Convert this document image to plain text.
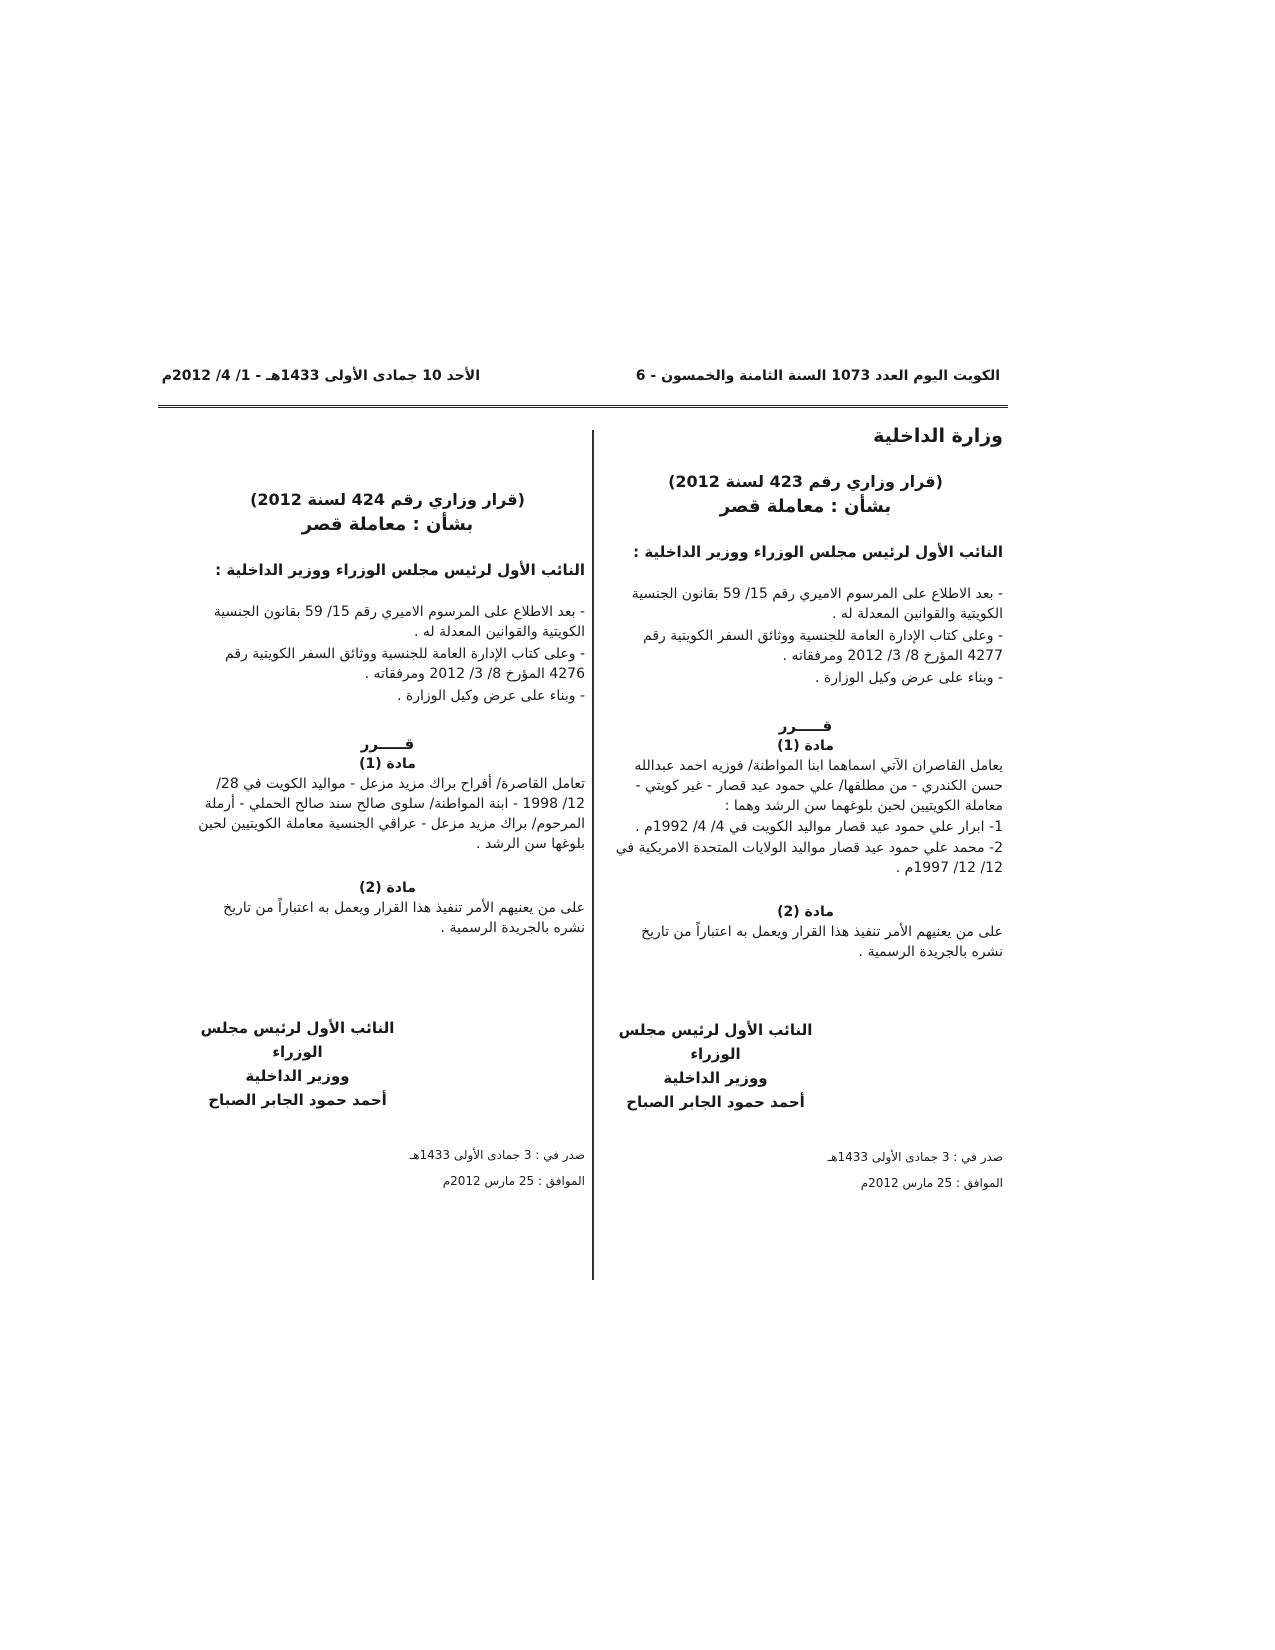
الكويت اليوم العدد 1073 السنة الثامنة والخمسون - 6
الأحد 10 جمادى الأولى 1433هـ - 1/ 4/ 2012م
وزارة الداخلية
(قرار وزاري رقم 423 لسنة 2012)
بشأن : معاملة قصر
النائب الأول لرئيس مجلس الوزراء ووزير الداخلية :
- بعد الاطلاع على المرسوم الاميري رقم 15/ 59 بقانون الجنسية الكويتية والقوانين المعدلة له .
- وعلى كتاب الإدارة العامة للجنسية ووثائق السفر الكويتية رقم 4277 المؤرخ 8/ 3/ 2012 ومرفقاته .
- وبناء على عرض وكيل الوزارة .
قـــــرر
مادة (1)
يعامل القاصران الآتي اسماهما ابنا المواطنة/ فوزيه احمد عبدالله حسن الكندري - من مطلقها/ علي حمود عيد قصار - غير كويتي - معاملة الكويتيين لحين بلوغهما سن الرشد وهما :
1- ابرار علي حمود عيد قصار مواليد الكويت في 4/ 4/ 1992م .
2- محمد علي حمود عيد قصار مواليد الولايات المتحدة الامريكية في 12/ 12/ 1997م .
مادة (2)
على من يعنيهم الأمر تنفيذ هذا القرار ويعمل به اعتباراً من تاريخ نشره بالجريدة الرسمية .
النائب الأول لرئيس مجلس الوزراء
ووزير الداخلية
أحمد حمود الجابر الصباح
صدر في : 3 جمادى الأولى 1433هـ
الموافق : 25 مارس 2012م
(قرار وزاري رقم 424 لسنة 2012)
بشأن : معاملة قصر
النائب الأول لرئيس مجلس الوزراء ووزير الداخلية :
- بعد الاطلاع على المرسوم الاميري رقم 15/ 59 بقانون الجنسية الكويتية والقوانين المعدلة له .
- وعلى كتاب الإدارة العامة للجنسية ووثائق السفر الكويتية رقم 4276 المؤرخ 8/ 3/ 2012 ومرفقاته .
- وبناء على عرض وكيل الوزارة .
قـــــرر
مادة (1)
تعامل القاصرة/ أفراح براك مزيد مزعل - مواليد الكويت في 28/ 12/ 1998 - ابنة المواطنة/ سلوى صالح سند صالح الحملي - أرملة المرحوم/ براك مزيد مزعل - عراقي الجنسية معاملة الكويتيين لحين بلوغها سن الرشد .
مادة (2)
على من يعنيهم الأمر تنفيذ هذا القرار ويعمل به اعتباراً من تاريخ نشره بالجريدة الرسمية .
النائب الأول لرئيس مجلس الوزراء
ووزير الداخلية
أحمد حمود الجابر الصباح
صدر في : 3 جمادى الأولى 1433هـ
الموافق : 25 مارس 2012م
